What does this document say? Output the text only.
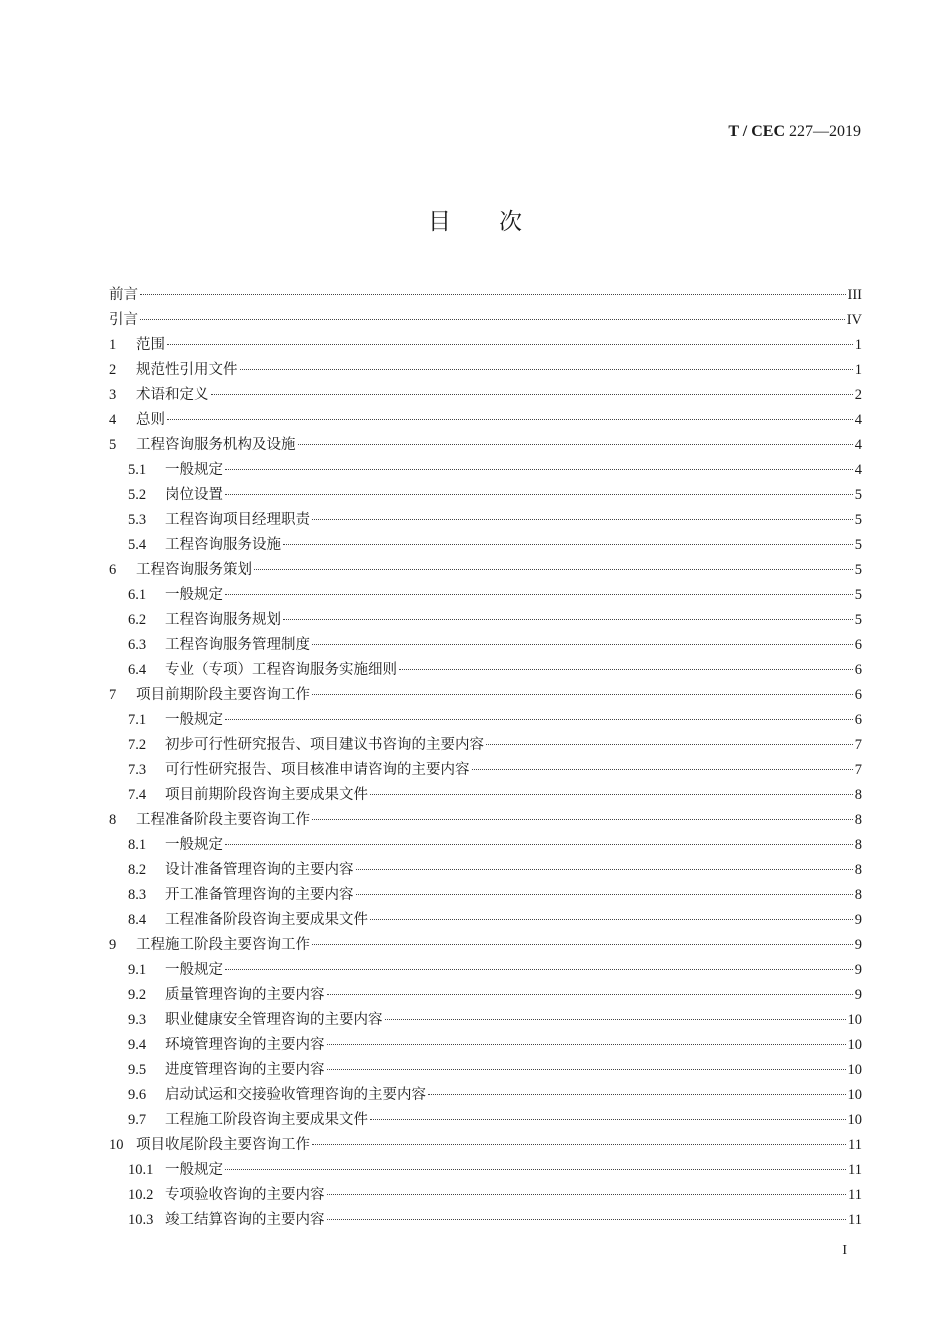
T / CEC 227—2019
目次
前言	III
引言	IV
1	范围	1
2	规范性引用文件	1
3	术语和定义	2
4	总则	4
5	工程咨询服务机构及设施	4
5.1	一般规定	4
5.2	岗位设置	5
5.3	工程咨询项目经理职责	5
5.4	工程咨询服务设施	5
6	工程咨询服务策划	5
6.1	一般规定	5
6.2	工程咨询服务规划	5
6.3	工程咨询服务管理制度	6
6.4	专业（专项）工程咨询服务实施细则	6
7	项目前期阶段主要咨询工作	6
7.1	一般规定	6
7.2	初步可行性研究报告、项目建议书咨询的主要内容	7
7.3	可行性研究报告、项目核准申请咨询的主要内容	7
7.4	项目前期阶段咨询主要成果文件	8
8	工程准备阶段主要咨询工作	8
8.1	一般规定	8
8.2	设计准备管理咨询的主要内容	8
8.3	开工准备管理咨询的主要内容	8
8.4	工程准备阶段咨询主要成果文件	9
9	工程施工阶段主要咨询工作	9
9.1	一般规定	9
9.2	质量管理咨询的主要内容	9
9.3	职业健康安全管理咨询的主要内容	10
9.4	环境管理咨询的主要内容	10
9.5	进度管理咨询的主要内容	10
9.6	启动试运和交接验收管理咨询的主要内容	10
9.7	工程施工阶段咨询主要成果文件	10
10 项目收尾阶段主要咨询工作	11
10.1 一般规定	11
10.2 专项验收咨询的主要内容	11
10.3 竣工结算咨询的主要内容	11
I
